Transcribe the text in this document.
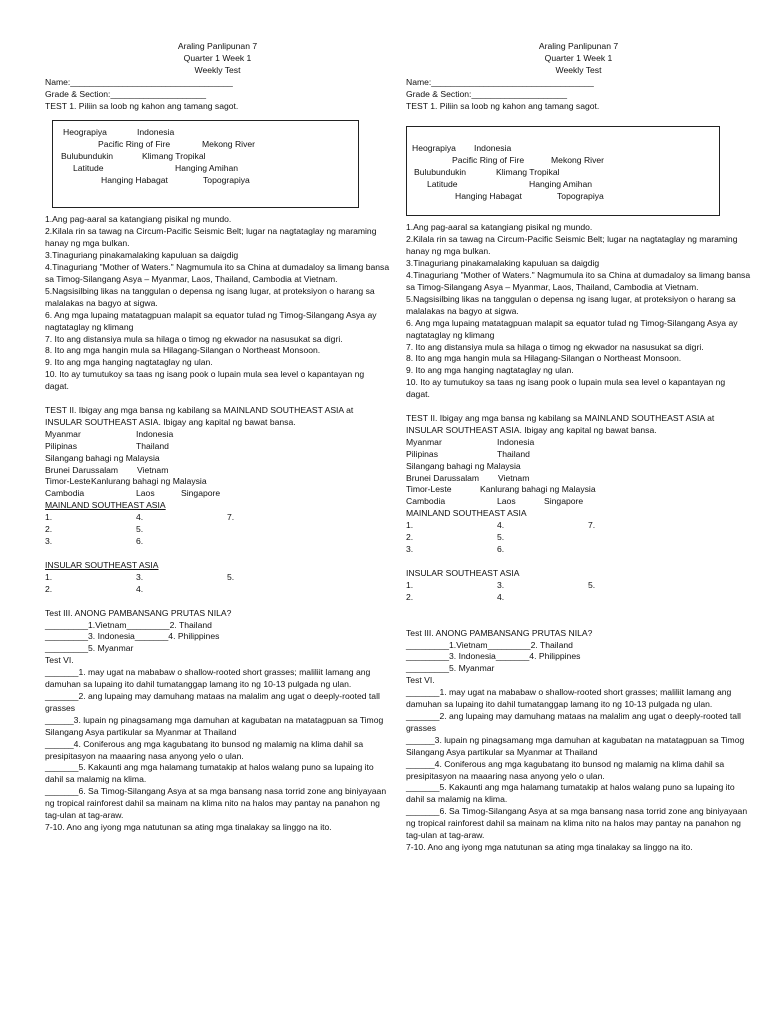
Araling Panlipunan 7
Quarter 1 Week 1
Weekly Test
Name:__________________________________
Grade & Section:____________________
TEST 1. Piliin sa loob ng kahon ang tamang sagot.
Heograpiya	Indonesia
Pacific Ring of Fire	Mekong River
Bulubundukin	Klimang Tropikal
Latitude	Hanging Amihan
Hanging Habagat	Topograpiya
1.Ang pag-aaral sa katangiang pisikal ng mundo.
2.Kilala rin sa tawag na Circum-Pacific Seismic Belt; lugar na nagtataglay ng maraming hanay ng mga bulkan.
3.Tinaguriang pinakamalaking kapuluan sa daigdig
4.Tinaguriang "Mother of Waters." Nagmumula ito sa China at dumadaloy sa limang bansa sa Timog-Silangang Asya – Myanmar, Laos, Thailand, Cambodia at Vietnam.
5.Nagsisilbing likas na tanggulan o depensa ng isang lugar, at proteksiyon o harang sa malalakas na bagyo at sigwa.
6. Ang mga lupaing matatagpuan malapit sa equator tulad ng Timog-Silangang Asya ay nagtataglay ng klimang
7. Ito ang distansiya mula sa hilaga o timog ng ekwador na nasusukat sa digri.
8. Ito ang mga hangin mula sa Hilagang-Silangan o Northeast Monsoon.
9. Ito ang mga hanging nagtataglay ng ulan.
10. Ito ay tumutukoy sa taas ng isang pook o lupain mula sea level o kapantayan ng dagat.
TEST II. Ibigay ang mga bansa ng kabilang sa MAINLAND SOUTHEAST ASIA at INSULAR SOUTHEAST ASIA. Ibigay ang kapital ng bawat bansa.
Myanmar	Indonesia
Pilipinas	Thailand
Silangang bahagi ng Malaysia
Brunei Darussalam	Vietnam
Timor-Leste Kanlurang bahagi ng Malaysia
Cambodia	Laos	Singapore
MAINLAND SOUTHEAST ASIA
1.	4.	7.
2.	5.
3.	6.
INSULAR SOUTHEAST ASIA
1.	3.	5.
2.	4.
Test III. ANONG PAMBANSANG PRUTAS NILA?
_________1.Vietnam_________2. Thailand
_________3. Indonesia_______4. Philippines
_________5. Myanmar
Test VI.
_______1. may ugat na mababaw o shallow-rooted short grasses; maliliit lamang ang damuhan sa lupaing ito dahil tumatanggap lamang ito ng 10-13 pulgada ng ulan.
_______2. ang lupaing may damuhang mataas na malalim ang ugat o deeply-rooted tall grasses
______3. lupain ng pinagsamang mga damuhan at kagubatan na matatagpuan sa Timog Silangang Asya partikular sa Myanmar at Thailand
______4. Coniferous ang mga kagubatang ito bunsod ng malamig na klima dahil sa presipitasyon na maaaring nasa anyong yelo o ulan.
_______5. Kakaunti ang mga halamang tumatakip at halos walang puno sa lupaing ito dahil sa malamig na klima.
_______6. Sa Timog-Silangang Asya at sa mga bansang nasa torrid zone ang biniyayaan ng tropical rainforest dahil sa mainam na klima nito na halos may pantay na panahon ng tag-ulan at tag-araw.
7-10. Ano ang iyong mga natutunan sa ating mga tinalakay sa linggo na ito.
Araling Panlipunan 7
Quarter 1 Week 1
Weekly Test
Name:__________________________________
Grade & Section:____________________
TEST 1. Piliin sa loob ng kahon ang tamang sagot.
Heograpiya Indonesia
Pacific Ring of Fire	Mekong River
Bulubundukin	Klimang Tropikal
Latitude	Hanging Amihan
Hanging Habagat	Topograpiya
1.Ang pag-aaral sa katangiang pisikal ng mundo.
2.Kilala rin sa tawag na Circum-Pacific Seismic Belt; lugar na nagtataglay ng maraming hanay ng mga bulkan.
3.Tinaguriang pinakamalaking kapuluan sa daigdig
4.Tinaguriang "Mother of Waters." Nagmumula ito sa China at dumadaloy sa limang bansa sa Timog-Silangang Asya – Myanmar, Laos, Thailand, Cambodia at Vietnam.
5.Nagsisilbing likas na tanggulan o depensa ng isang lugar, at proteksiyon o harang sa malalakas na bagyo at sigwa.
6. Ang mga lupaing matatagpuan malapit sa equator tulad ng Timog-Silangang Asya ay nagtataglay ng klimang
7. Ito ang distansiya mula sa hilaga o timog ng ekwador na nasusukat sa digri.
8. Ito ang mga hangin mula sa Hilagang-Silangan o Northeast Monsoon.
9. Ito ang mga hanging nagtataglay ng ulan.
10. Ito ay tumutukoy sa taas ng isang pook o lupain mula sea level o kapantayan ng dagat.
TEST II. Ibigay ang mga bansa ng kabilang sa MAINLAND SOUTHEAST ASIA at INSULAR SOUTHEAST ASIA. Ibigay ang kapital ng bawat bansa.
Myanmar	Indonesia
Pilipinas	Thailand
Silangang bahagi ng Malaysia
Brunei Darussalam	Vietnam
Timor-Leste	Kanlurang bahagi ng Malaysia
Cambodia	Laos	Singapore
MAINLAND SOUTHEAST ASIA
1.	4.	7.
2.	5.
3.	6.
INSULAR SOUTHEAST ASIA
1.	3.	5.
2.	4.
Test III. ANONG PAMBANSANG PRUTAS NILA?
_________1.Vietnam_________2. Thailand
_________3. Indonesia_______4. Philippines
_________5. Myanmar
Test VI.
_______1. may ugat na mababaw o shallow-rooted short grasses; maliliit lamang ang damuhan sa lupaing ito dahil tumatanggap lamang ito ng 10-13 pulgada ng ulan.
_______2. ang lupaing may damuhang mataas na malalim ang ugat o deeply-rooted tall grasses
______3. lupain ng pinagsamang mga damuhan at kagubatan na matatagpuan sa Timog Silangang Asya partikular sa Myanmar at Thailand
______4. Coniferous ang mga kagubatang ito bunsod ng malamig na klima dahil sa presipitasyon na maaaring nasa anyong yelo o ulan.
_______5. Kakaunti ang mga halamang tumatakip at halos walang puno sa lupaing ito dahil sa malamig na klima.
_______6. Sa Timog-Silangang Asya at sa mga bansang nasa torrid zone ang biniyayaan ng tropical rainforest dahil sa mainam na klima nito na halos may pantay na panahon ng tag-ulan at tag-araw.
7-10. Ano ang iyong mga natutunan sa ating mga tinalakay sa linggo na ito.
